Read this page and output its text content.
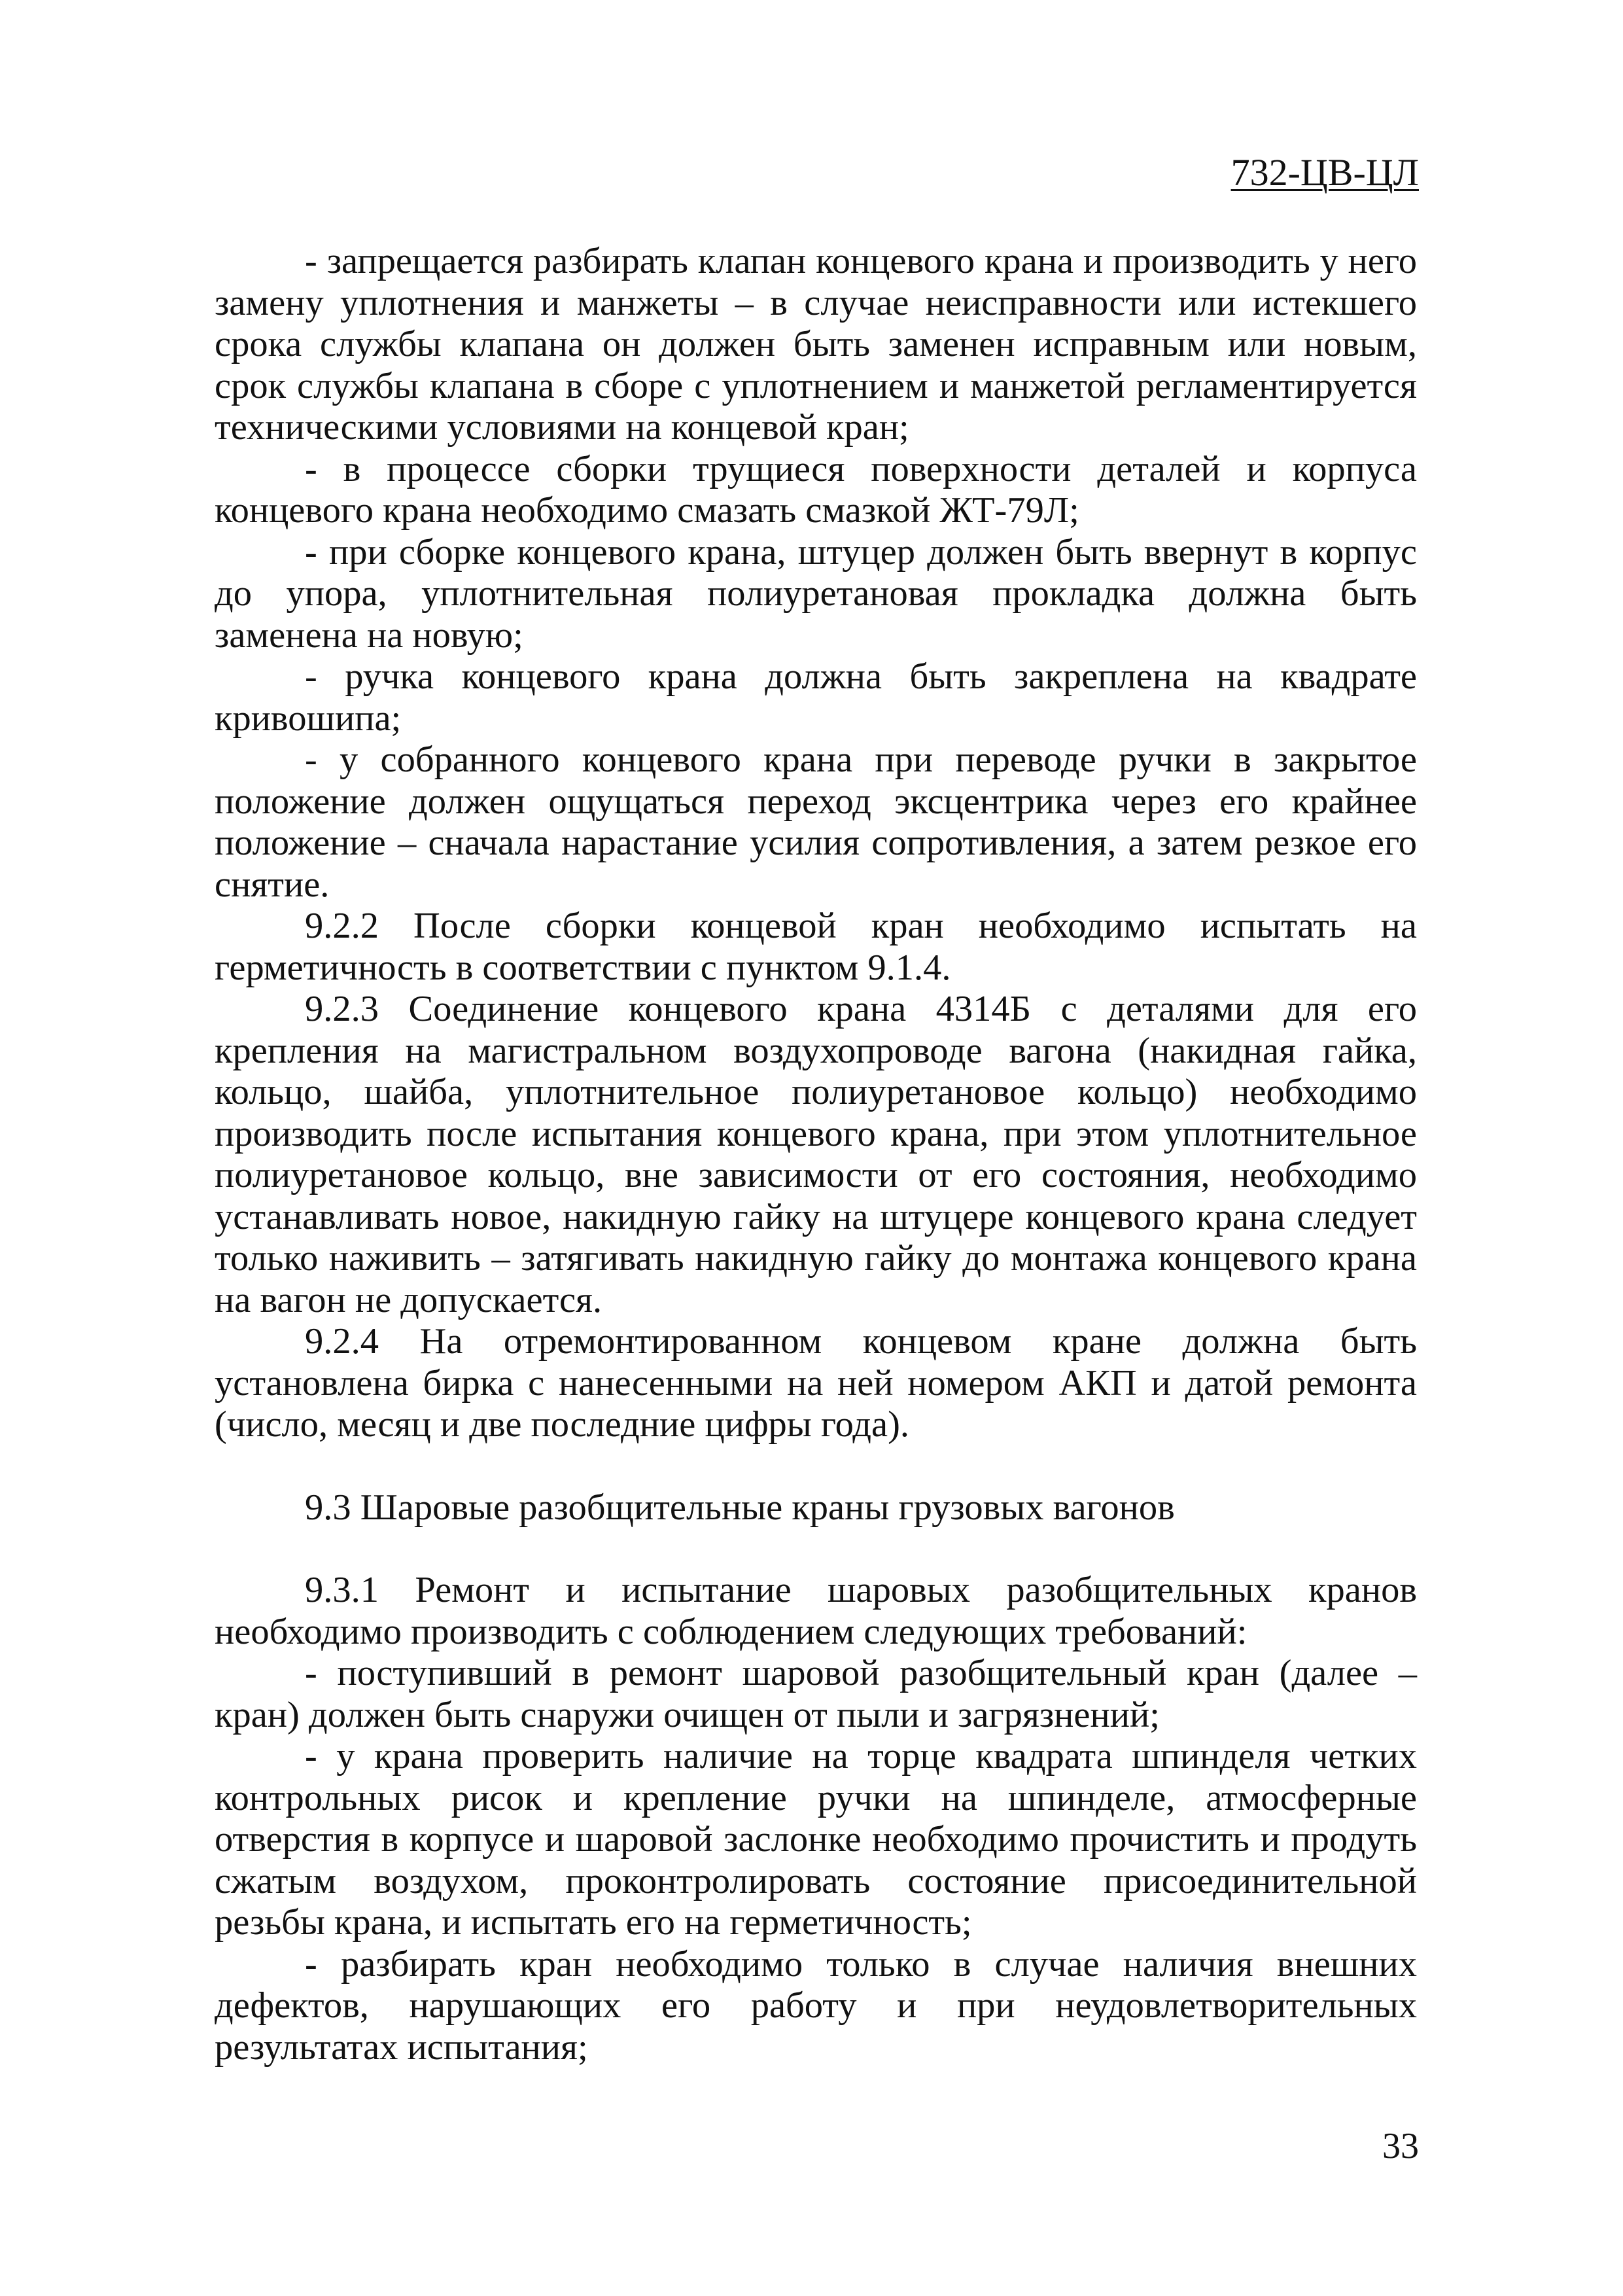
732-ЦВ-ЦЛ

- запрещается разбирать клапан концевого крана и производить у него замену уплотнения и манжеты – в случае неисправности или истекшего срока службы клапана он должен быть заменен исправным или новым, срок службы клапана в сборе с уплотнением и манжетой регламентируется техническими условиями на концевой кран;

- в процессе сборки трущиеся поверхности деталей и корпуса концевого крана необходимо смазать смазкой ЖТ-79Л;

- при сборке концевого крана, штуцер должен быть ввернут в корпус до упора, уплотнительная полиуретановая прокладка должна быть заменена на новую;

- ручка концевого крана должна быть закреплена на квадрате кривошипа;

- у собранного концевого крана при переводе ручки в закрытое положение должен ощущаться переход эксцентрика через его крайнее положение – сначала нарастание усилия сопротивления, а затем резкое его снятие.

9.2.2 После сборки концевой кран необходимо испытать на герметичность в соответствии с пунктом 9.1.4.

9.2.3 Соединение концевого крана 4314Б с деталями для его крепления на магистральном воздухопроводе вагона (накидная гайка, кольцо, шайба, уплотнительное полиуретановое кольцо) необходимо производить после испытания концевого крана, при этом уплотнительное полиуретановое кольцо, вне зависимости от его состояния, необходимо устанавливать новое, накидную гайку на штуцере концевого крана следует только наживить – затягивать накидную гайку до монтажа концевого крана на вагон не допускается.

9.2.4 На отремонтированном концевом кране должна быть установлена бирка с нанесенными на ней номером АКП и датой ремонта (число, месяц и две последние цифры года).

9.3 Шаровые разобщительные краны грузовых вагонов

9.3.1 Ремонт и испытание шаровых разобщительных кранов необходимо производить с соблюдением следующих требований:

- поступивший в ремонт шаровой разобщительный кран (далее – кран) должен быть снаружи очищен от пыли и загрязнений;

- у крана проверить наличие на торце квадрата шпинделя четких контрольных рисок и крепление ручки на шпинделе, атмосферные отверстия в корпусе и шаровой заслонке необходимо прочистить и продуть сжатым воздухом, проконтролировать состояние присоединительной резьбы крана, и испытать его на герметичность;

- разбирать кран необходимо только в случае наличия внешних дефектов, нарушающих его работу и при неудовлетворительных результатах испытания;

33
